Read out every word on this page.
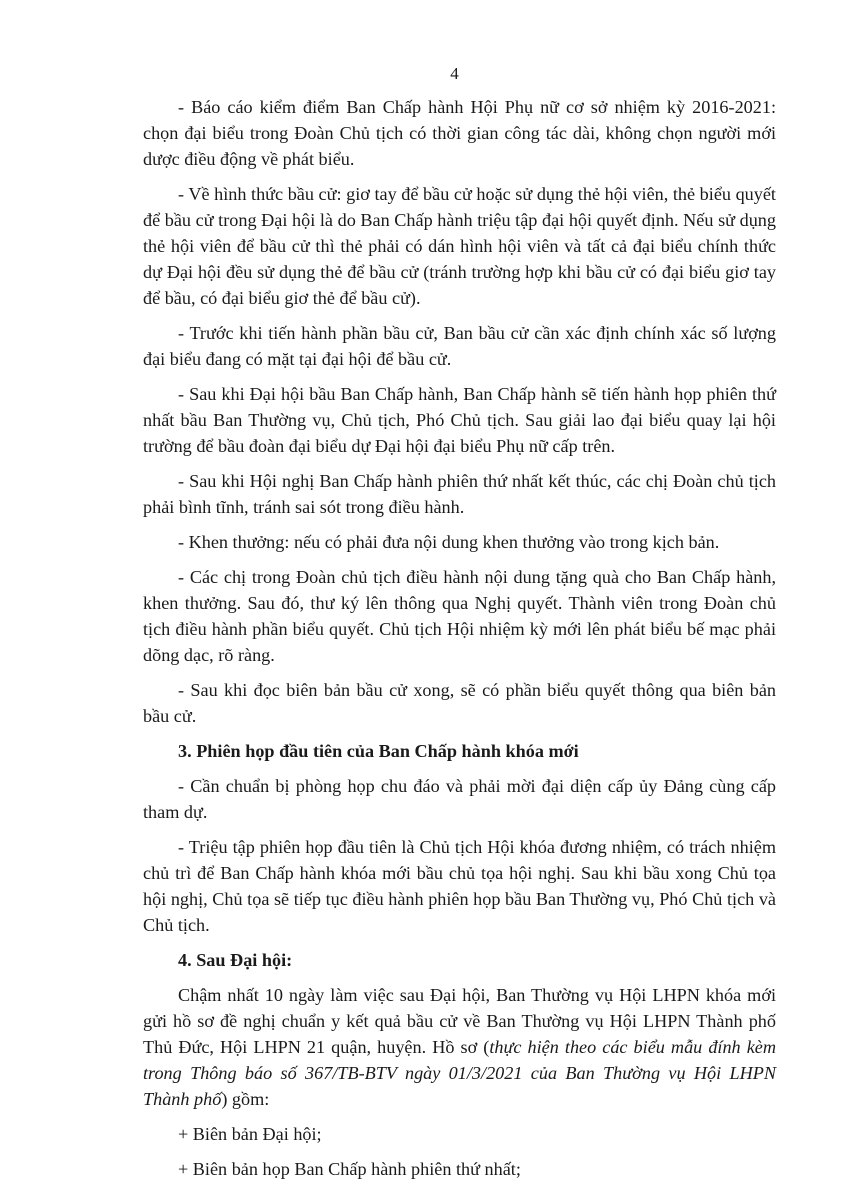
4

- Báo cáo kiểm điểm Ban Chấp hành Hội Phụ nữ cơ sở nhiệm kỳ 2016-2021: chọn đại biểu trong Đoàn Chủ tịch có thời gian công tác dài, không chọn người mới dược điều động về phát biểu.

- Về hình thức bầu cử: giơ tay để bầu cử hoặc sử dụng thẻ hội viên, thẻ biểu quyết để bầu cử trong Đại hội là do Ban Chấp hành triệu tập đại hội quyết định. Nếu sử dụng thẻ hội viên để bầu cử thì thẻ phải có dán hình hội viên và tất cả đại biểu chính thức dự Đại hội đều sử dụng thẻ để bầu cử (tránh trường hợp khi bầu cử có đại biểu giơ tay để bầu, có đại biểu giơ thẻ để bầu cử).

- Trước khi tiến hành phần bầu cử, Ban bầu cử cần xác định chính xác số lượng đại biểu đang có mặt tại đại hội để bầu cử.

- Sau khi Đại hội bầu Ban Chấp hành, Ban Chấp hành sẽ tiến hành họp phiên thứ nhất bầu Ban Thường vụ, Chủ tịch, Phó Chủ tịch. Sau giải lao đại biểu quay lại hội trường để bầu đoàn đại biểu dự Đại hội đại biểu Phụ nữ cấp trên.

- Sau khi Hội nghị Ban Chấp hành phiên thứ nhất kết thúc, các chị Đoàn chủ tịch phải bình tĩnh, tránh sai sót trong điều hành.

- Khen thưởng: nếu có phải đưa nội dung khen thưởng vào trong kịch bản.

- Các chị trong Đoàn chủ tịch điều hành nội dung tặng quà cho Ban Chấp hành, khen thưởng. Sau đó, thư ký lên thông qua Nghị quyết. Thành viên trong Đoàn chủ tịch điều hành phần biểu quyết. Chủ tịch Hội nhiệm kỳ mới lên phát biểu bế mạc phải dõng dạc, rõ ràng.

- Sau khi đọc biên bản bầu cử xong, sẽ có phần biểu quyết thông qua biên bản bầu cử.

3. Phiên họp đầu tiên của Ban Chấp hành khóa mới

- Cần chuẩn bị phòng họp chu đáo và phải mời đại diện cấp ủy Đảng cùng cấp tham dự.

- Triệu tập phiên họp đầu tiên là Chủ tịch Hội khóa đương nhiệm, có trách nhiệm chủ trì để Ban Chấp hành khóa mới bầu chủ tọa hội nghị. Sau khi bầu xong Chủ tọa hội nghị, Chủ tọa sẽ tiếp tục điều hành phiên họp bầu Ban Thường vụ, Phó Chủ tịch và Chủ tịch.

4. Sau Đại hội:

Chậm nhất 10 ngày làm việc sau Đại hội, Ban Thường vụ Hội LHPN khóa mới gửi hồ sơ đề nghị chuẩn y kết quả bầu cử về Ban Thường vụ Hội LHPN Thành phố Thủ Đức, Hội LHPN 21 quận, huyện. Hồ sơ (thực hiện theo các biểu mẫu đính kèm trong Thông báo số 367/TB-BTV ngày 01/3/2021 của Ban Thường vụ Hội LHPN Thành phố) gồm:

+ Biên bản Đại hội;

+ Biên bản họp Ban Chấp hành phiên thứ nhất;
